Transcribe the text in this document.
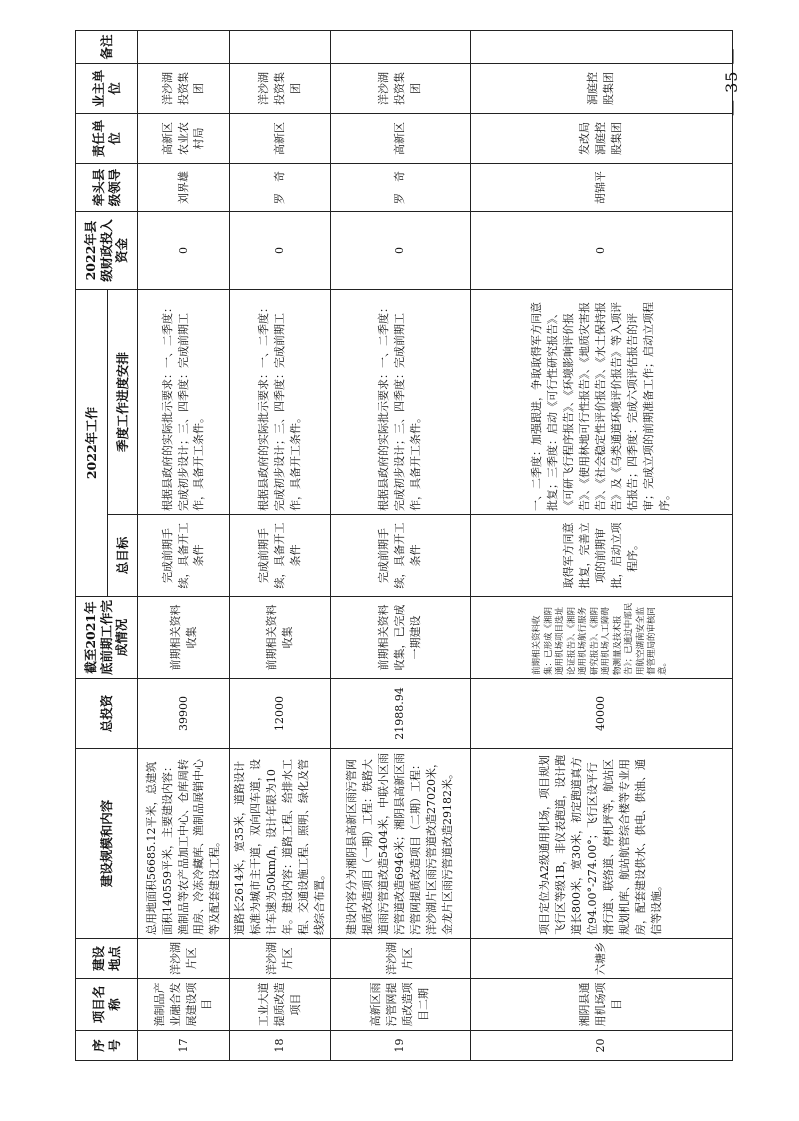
序号	项目名称	建设地点	建设规模和内容	总投资	截至2021年底前期工作完成情况	2022年工作		2022年县级财政投入资金	牵头县级领导	责任单位	业主单位	备注
						总目标	季度工作进度安排					
17	渔制品产业融合发展建设项目	洋沙湖片区	总用地面积56685.12平米，总建筑面积140559平米，主要建设内容：渔制品等农产品加工中心、仓库周转用房、冷冻冷藏库、渔制品展销中心等及配套建设工程。	39900	前期相关资料收集	完成前期手续，具备开工条件	根据县政府的实际批示要求：一、二季度：完成初步设计；三、四季度：完成前期工作，具备开工条件。	0	刘界雄	高新区农业农村局	洋沙湖投资集团	
18	工业大道提质改造项目	洋沙湖片区	道路长2614米，宽35米，道路设计标准为城市主干道，双向四车道，设计车速为50km/h，设计年限为10年。建设内容：道路工程、给排水工程、交通设施工程、照明、绿化及管线综合布置。	12000	前期相关资料收集	完成前期手续，具备开工条件	根据县政府的实际批示要求：一、二季度：完成初步设计；三、四季度：完成前期工作，具备开工条件。	0	罗　奇	高新区	洋沙湖投资集团	
19	高新区雨污管网提质改造项目二期	洋沙湖片区	建设内容分为湘阴县高新区雨污管网提质改造项目（一期）工程：铁路大道雨污管道改造5404米，中联小区雨污管道改造6946米；湘阴县高新区雨污管网提质改造项目（二期）工程：洋沙湖片区雨污管道改造27020米，金龙片区雨污管道改造29182米。	21988.94	前期相关资料收集，已完成一期建设	完成前期手续，具备开工条件	根据县政府的实际批示要求：一、二季度：完成初步设计；三、四季度：完成前期工作，具备开工条件。	0	罗　奇	高新区	洋沙湖投资集团	
20	湘阴县通用机场项目	六塘乡	项目定位为A2级通用机场，项目规划飞行区等级1B，非仪表跑道，设计跑道长800米，宽30米，初定跑道真方位94.00°-274.00°；飞行区设平行滑行道、联络道、停机坪等，航站区规划机库、航站航管综合楼等专业用房，配套建设供水、供电、供油、通信等设施。	40000	前期相关资料收集：已形成《湘阴通用机场项目选址论证报告》、《湘阴通用机场航行服务研究报告》、《湘阴通用机场人工障碍物测量及技术报告》；已通过中部民用航空湖南安全监督管理局的审核同意。	取得军方同意批复，完善立项的前期审批，启动立项程序。	一、二季度：加强跟进，争取取得军方同意批复；三季度：启动《可行性研究报告》、《可研飞行程序报告》、《环境影响评价报告》、《使用林地可行性报告》、《地质灾害报告》、《社会稳定性评价报告》、《水土保持报告》及《乌类通道环境评价报告》等入项评估报告；四季度：完成六项评估报告的评审；完成立项的前期准备工作；启动立项程序。	0	胡锦平	发改局洞庭控股集团	洞庭控股集团		— 35 —
